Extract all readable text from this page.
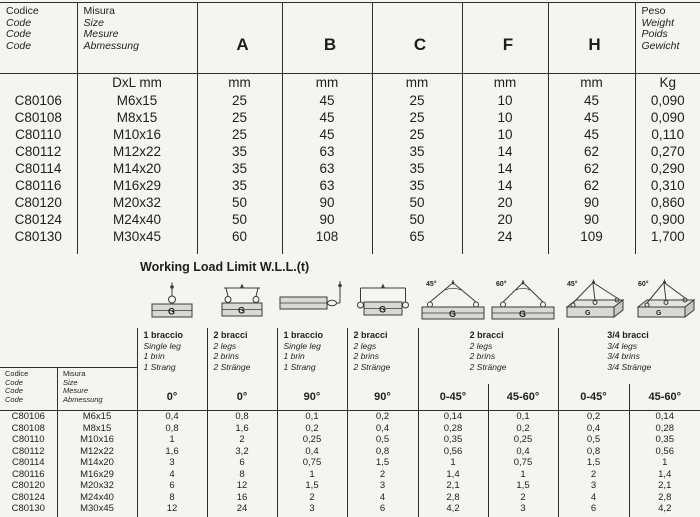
Codice
Code
Code
Code

Misura
Size
Mesure
Abmessung	A	B	C	F	H	
Peso
Weight
Poids
Gewicht

	DxL mm	mm	mm	mm	mm	mm	Kg
C80106	M6x15	25	45	25	10	45	0,090
C80108	M8x15	25	45	25	10	45	0,090
C80110	M10x16	25	45	25	10	45	0,110
C80112	M12x22	35	63	35	14	62	0,270
C80114	M14x20	35	63	35	14	62	0,290
C80116	M16x29	35	63	35	14	62	0,310
C80120	M20x32	50	90	50	20	90	0,860
C80124	M24x40	50	90	50	20	90	0,900
C80130	M30x45	60	108	65	24	109	1,700

Working Load Limit W.L.L.(t)

G	G		G	G
45°	G
60°	G
45°	G
60°

Codice
Code
Code
Code
Misura
Size
Mesure
Abmessung

1 braccio
Single leg
1 brin
1 Strang

2 bracci
2 legs
2 brins
2 Stränge

1 braccio
Single leg
1 brin
1 Strang

2 bracci
2 legs
2 brins
2 Stränge

2 bracci
2 legs
2 brins
2 Stränge

3/4 bracci
3/4 legs
3/4 brins
3/4 Stränge

		0°	0°	90°	90°	0-45°	45-60°	0-45°	45-60°
C80106	M6x15	0,4	0,8	0,1	0,2	0,14	0,1	0,2	0,14
C80108	M8x15	0,8	1,6	0,2	0,4	0,28	0,2	0,4	0,28
C80110	M10x16	1	2	0,25	0,5	0,35	0,25	0,5	0,35
C80112	M12x22	1,6	3,2	0,4	0,8	0,56	0,4	0,8	0,56
C80114	M14x20	3	6	0,75	1,5	1	0,75	1,5	1
C80116	M16x29	4	8	1	2	1,4	1	2	1,4
C80120	M20x32	6	12	1,5	3	2,1	1,5	3	2,1
C80124	M24x40	8	16	2	4	2,8	2	4	2,8
C80130	M30x45	12	24	3	6	4,2	3	6	4,2
